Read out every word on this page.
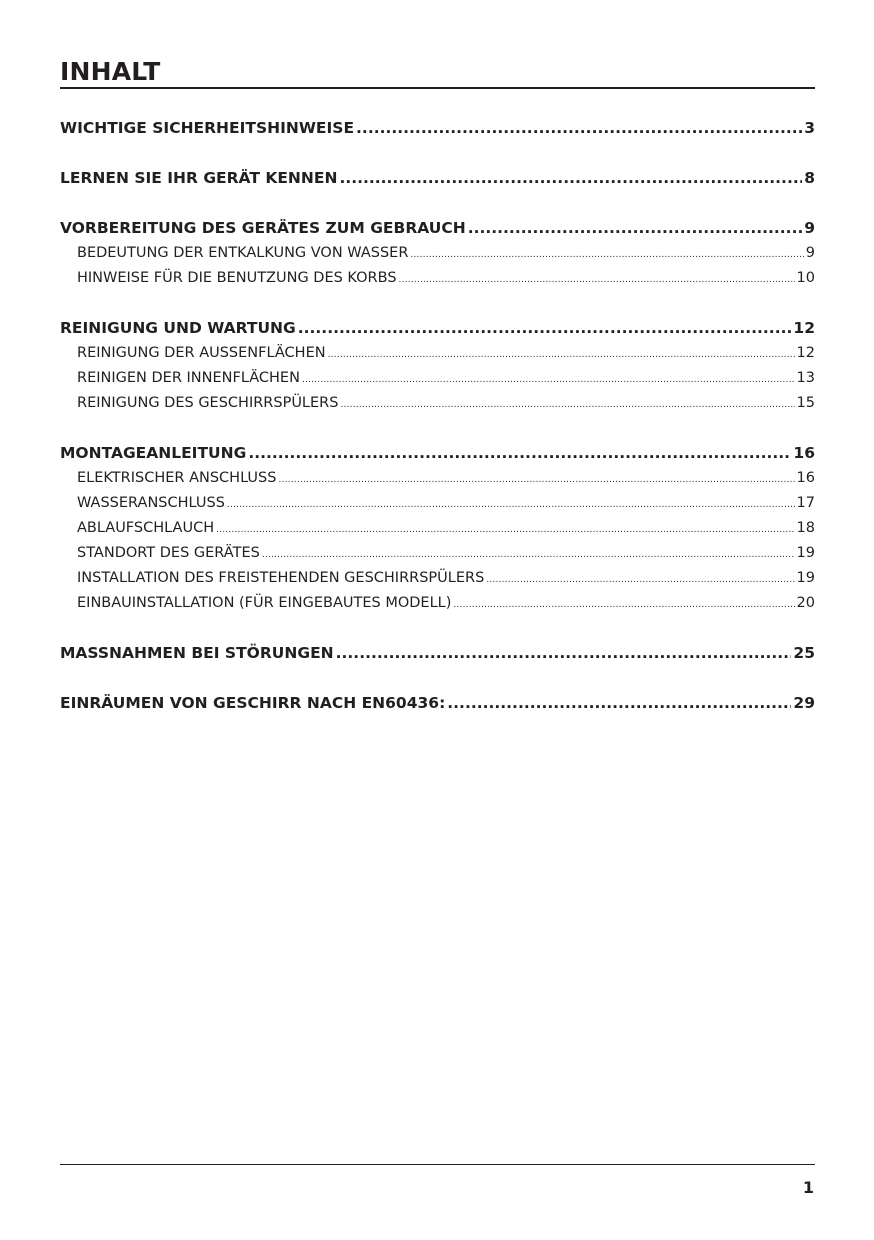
INHALT
WICHTIGE SICHERHEITSHINWEISE .....	3
LERNEN SIE IHR GERÄT KENNEN .....	8
VORBEREITUNG DES GERÄTES ZUM GEBRAUCH .....	9
BEDEUTUNG DER ENTKALKUNG VON WASSER .....	9
HINWEISE FÜR DIE BENUTZUNG DES KORBS .....	10
REINIGUNG UND WARTUNG .....	12
REINIGUNG DER AUSSENFLÄCHEN .....	12
REINIGEN DER INNENFLÄCHEN .....	13
REINIGUNG DES GESCHIRRSPÜLERS .....	15
MONTAGEANLEITUNG .....	16
ELEKTRISCHER ANSCHLUSS .....	16
WASSERANSCHLUSS .....	17
ABLAUFSCHLAUCH .....	18
STANDORT DES GERÄTES .....	19
INSTALLATION DES FREISTEHENDEN GESCHIRRSPÜLERS .....	19
EINBAUINSTALLATION (FÜR EINGEBAUTES MODELL) .....	20
MASSNAHMEN BEI STÖRUNGEN .....	25
EINRÄUMEN VON GESCHIRR NACH EN60436: .....	29
1
